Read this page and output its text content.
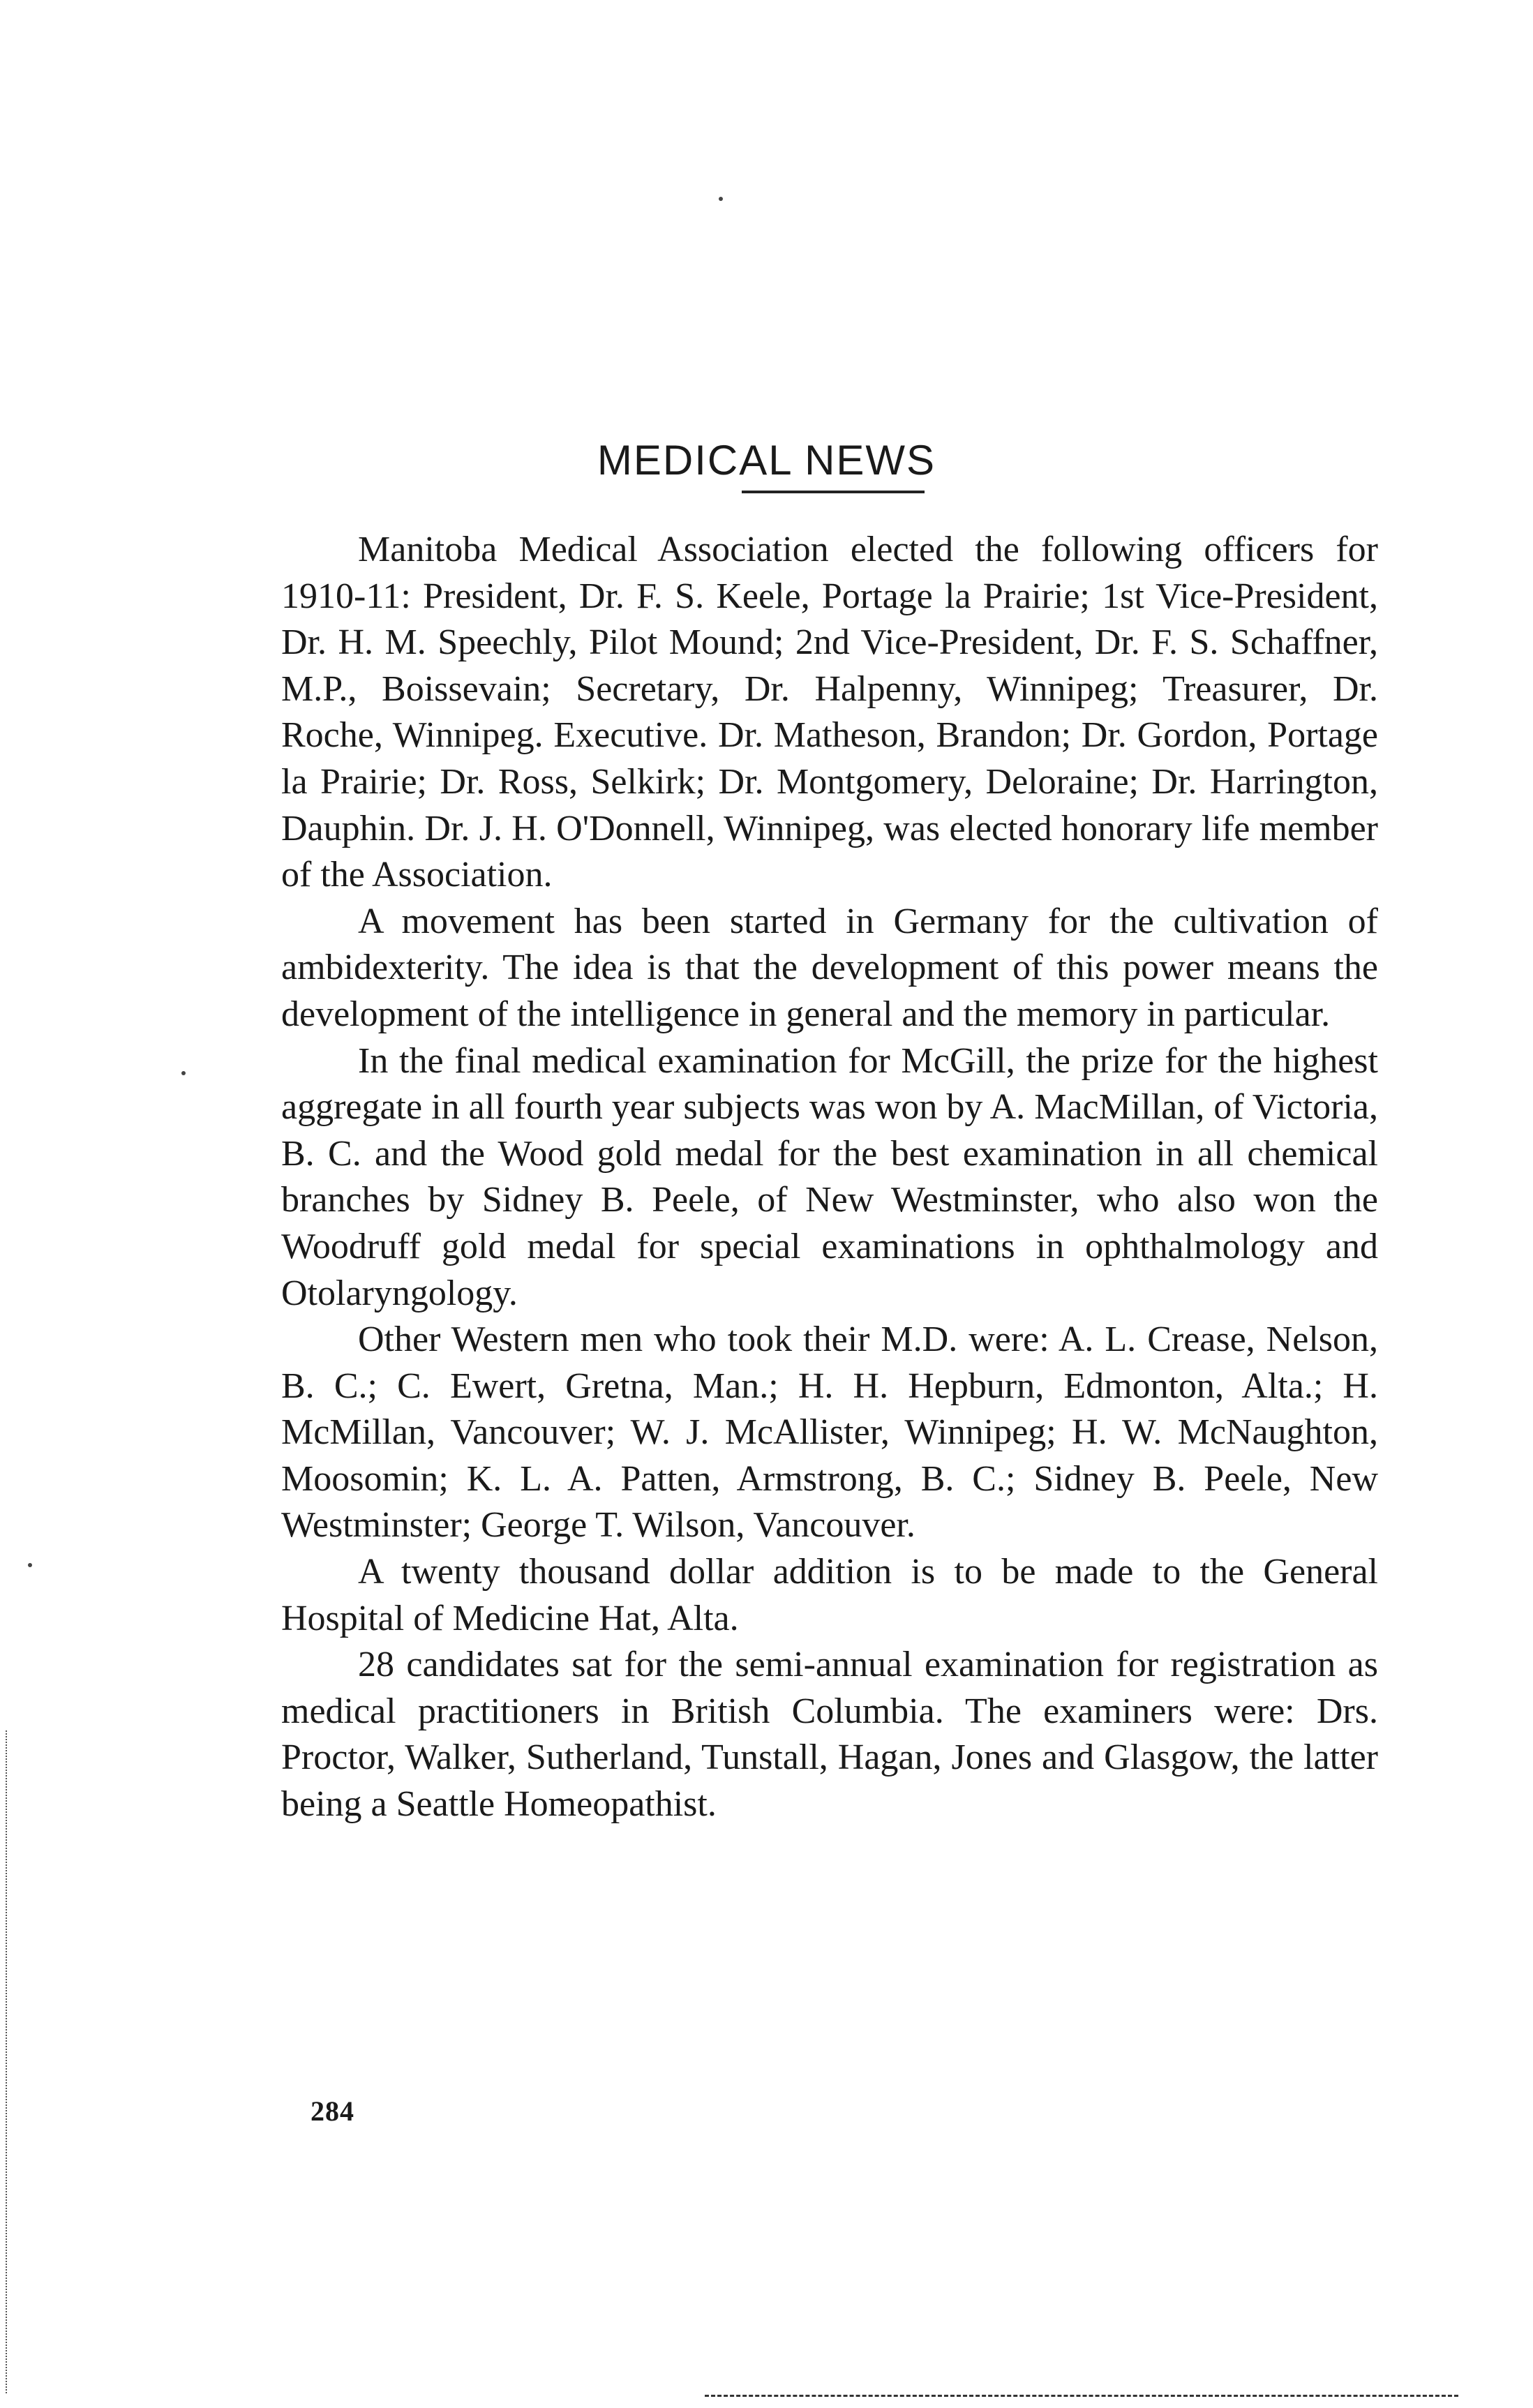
MEDICAL NEWS

Manitoba Medical Association elected the following officers for 1910-11: President, Dr. F. S. Keele, Portage la Prairie; 1st Vice-President, Dr. H. M. Speechly, Pilot Mound; 2nd Vice-President, Dr. F. S. Schaffner, M.P., Boissevain; Secretary, Dr. Halpenny, Winnipeg; Treasurer, Dr. Roche, Winnipeg. Executive. Dr. Matheson, Brandon; Dr. Gordon, Portage la Prairie; Dr. Ross, Selkirk; Dr. Montgomery, Deloraine; Dr. Harrington, Dauphin. Dr. J. H. O'Donnell, Winnipeg, was elected honorary life member of the Association.

A movement has been started in Germany for the cultivation of ambidexterity. The idea is that the development of this power means the development of the intelligence in general and the memory in particular.

In the final medical examination for McGill, the prize for the highest aggregate in all fourth year subjects was won by A. MacMillan, of Victoria, B. C. and the Wood gold medal for the best examination in all chemical branches by Sidney B. Peele, of New Westminster, who also won the Woodruff gold medal for special examinations in ophthalmology and Otolaryngology.

Other Western men who took their M.D. were: A. L. Crease, Nelson, B. C.; C. Ewert, Gretna, Man.; H. H. Hepburn, Edmonton, Alta.; H. McMillan, Vancouver; W. J. McAllister, Winnipeg; H. W. McNaughton, Moosomin; K. L. A. Patten, Armstrong, B. C.; Sidney B. Peele, New Westminster; George T. Wilson, Vancouver.

A twenty thousand dollar addition is to be made to the General Hospital of Medicine Hat, Alta.

28 candidates sat for the semi-annual examination for registration as medical practitioners in British Columbia. The examiners were: Drs. Proctor, Walker, Sutherland, Tunstall, Hagan, Jones and Glasgow, the latter being a Seattle Homeopathist.

284
